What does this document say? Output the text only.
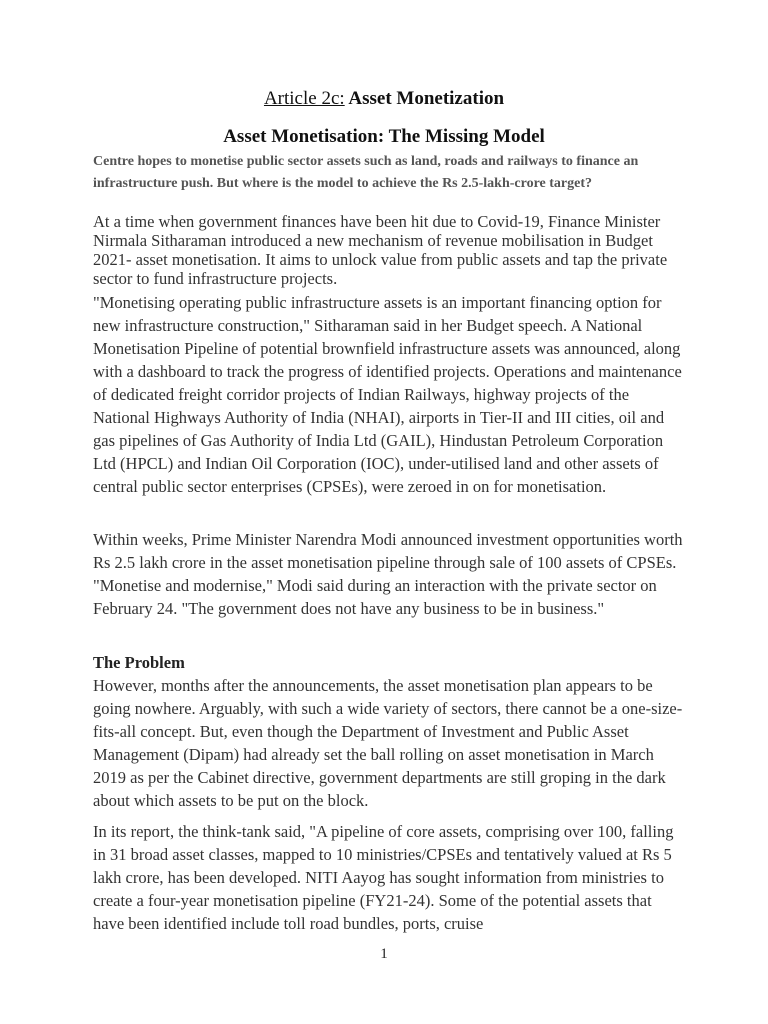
Article 2c: Asset Monetization
Asset Monetisation: The Missing Model
Centre hopes to monetise public sector assets such as land, roads and railways to finance an infrastructure push. But where is the model to achieve the Rs 2.5-lakh-crore target?
At a time when government finances have been hit due to Covid-19, Finance Minister Nirmala Sitharaman introduced a new mechanism of revenue mobilisation in Budget 2021- asset monetisation. It aims to unlock value from public assets and tap the private sector to fund infrastructure projects.
"Monetising operating public infrastructure assets is an important financing option for new infrastructure construction," Sitharaman said in her Budget speech. A National Monetisation Pipeline of potential brownfield infrastructure assets was announced, along with a dashboard to track the progress of identified projects. Operations and maintenance of dedicated freight corridor projects of Indian Railways, highway projects of the National Highways Authority of India (NHAI), airports in Tier-II and III cities, oil and gas pipelines of Gas Authority of India Ltd (GAIL), Hindustan Petroleum Corporation Ltd (HPCL) and Indian Oil Corporation (IOC), under-utilised land and other assets of central public sector enterprises (CPSEs), were zeroed in on for monetisation.
Within weeks, Prime Minister Narendra Modi announced investment opportunities worth Rs 2.5 lakh crore in the asset monetisation pipeline through sale of 100 assets of CPSEs. "Monetise and modernise," Modi said during an interaction with the private sector on February 24. "The government does not have any business to be in business."
The Problem
However, months after the announcements, the asset monetisation plan appears to be going nowhere. Arguably, with such a wide variety of sectors, there cannot be a one-size-fits-all concept. But, even though the Department of Investment and Public Asset Management (Dipam) had already set the ball rolling on asset monetisation in March 2019 as per the Cabinet directive, government departments are still groping in the dark about which assets to be put on the block.
In its report, the think-tank said, "A pipeline of core assets, comprising over 100, falling in 31 broad asset classes, mapped to 10 ministries/CPSEs and tentatively valued at Rs 5 lakh crore, has been developed. NITI Aayog has sought information from ministries to create a four-year monetisation pipeline (FY21-24). Some of the potential assets that have been identified include toll road bundles, ports, cruise
1
